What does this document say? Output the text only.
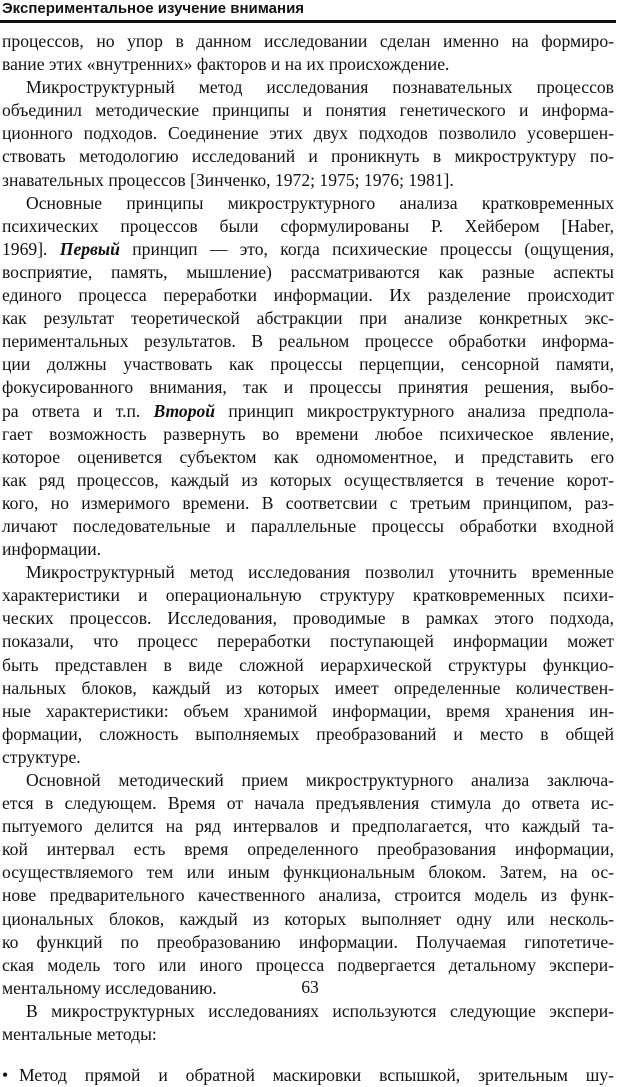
Экспериментальное изучение внимания
процессов, но упор в данном исследовании сделан именно на формиро-
вание этих «внутренних» факторов и на их происхождение.
Микроструктурный метод исследования познавательных процессов
объединил методические принципы и понятия генетического и информа-
ционного подходов. Соединение этих двух подходов позволило усовершен-
ствовать методологию исследований и проникнуть в микроструктуру по-
знавательных процессов [Зинченко, 1972; 1975; 1976; 1981].
Основные принципы микроструктурного анализа кратковременных
психических процессов были сформулированы Р. Хейбером [Haber,
1969]. Первый принцип — это, когда психические процессы (ощущения,
восприятие, память, мышление) рассматриваются как разные аспекты
единого процесса переработки информации. Их разделение происходит
как результат теоретической абстракции при анализе конкретных экс-
периментальных результатов. В реальном процессе обработки информа-
ции должны участвовать как процессы перцепции, сенсорной памяти,
фокусированного внимания, так и процессы принятия решения, выбо-
ра ответа и т.п. Второй принцип микроструктурного анализа предпола-
гает возможность развернуть во времени любое психическое явление,
которое оценивется субъектом как одномоментное, и представить его
как ряд процессов, каждый из которых осуществляется в течение корот-
кого, но измеримого времени. В соответсвии с третьим принципом, раз-
личают последовательные и параллельные процессы обработки входной
информации.
Микроструктурный метод исследования позволил уточнить временные
характеристики и операциональную структуру кратковременных психи-
ческих процессов. Исследования, проводимые в рамках этого подхода,
показали, что процесс переработки поступающей информации может
быть представлен в виде сложной иерархической структуры функцио-
нальных блоков, каждый из которых имеет определенные количествен-
ные характеристики: объем хранимой информации, время хранения ин-
формации, сложность выполняемых преобразований и место в общей
структуре.
Основной методический прием микроструктурного анализа заключа-
ется в следующем. Время от начала предъявления стимула до ответа ис-
пытуемого делится на ряд интервалов и предполагается, что каждый та-
кой интервал есть время определенного преобразования информации,
осуществляемого тем или иным функциональным блоком. Затем, на ос-
нове предварительного качественного анализа, строится модель из функ-
циональных блоков, каждый из которых выполняет одну или несколь-
ко функций по преобразованию информации. Получаемая гипотетиче-
ская модель того или иного процесса подвергается детальному экспери-
ментальному исследованию.
В микроструктурных исследованиях используются следующие экспери-
ментальные методы:
• Метод прямой и обратной маскировки вспышкой, зрительным шу-
63
